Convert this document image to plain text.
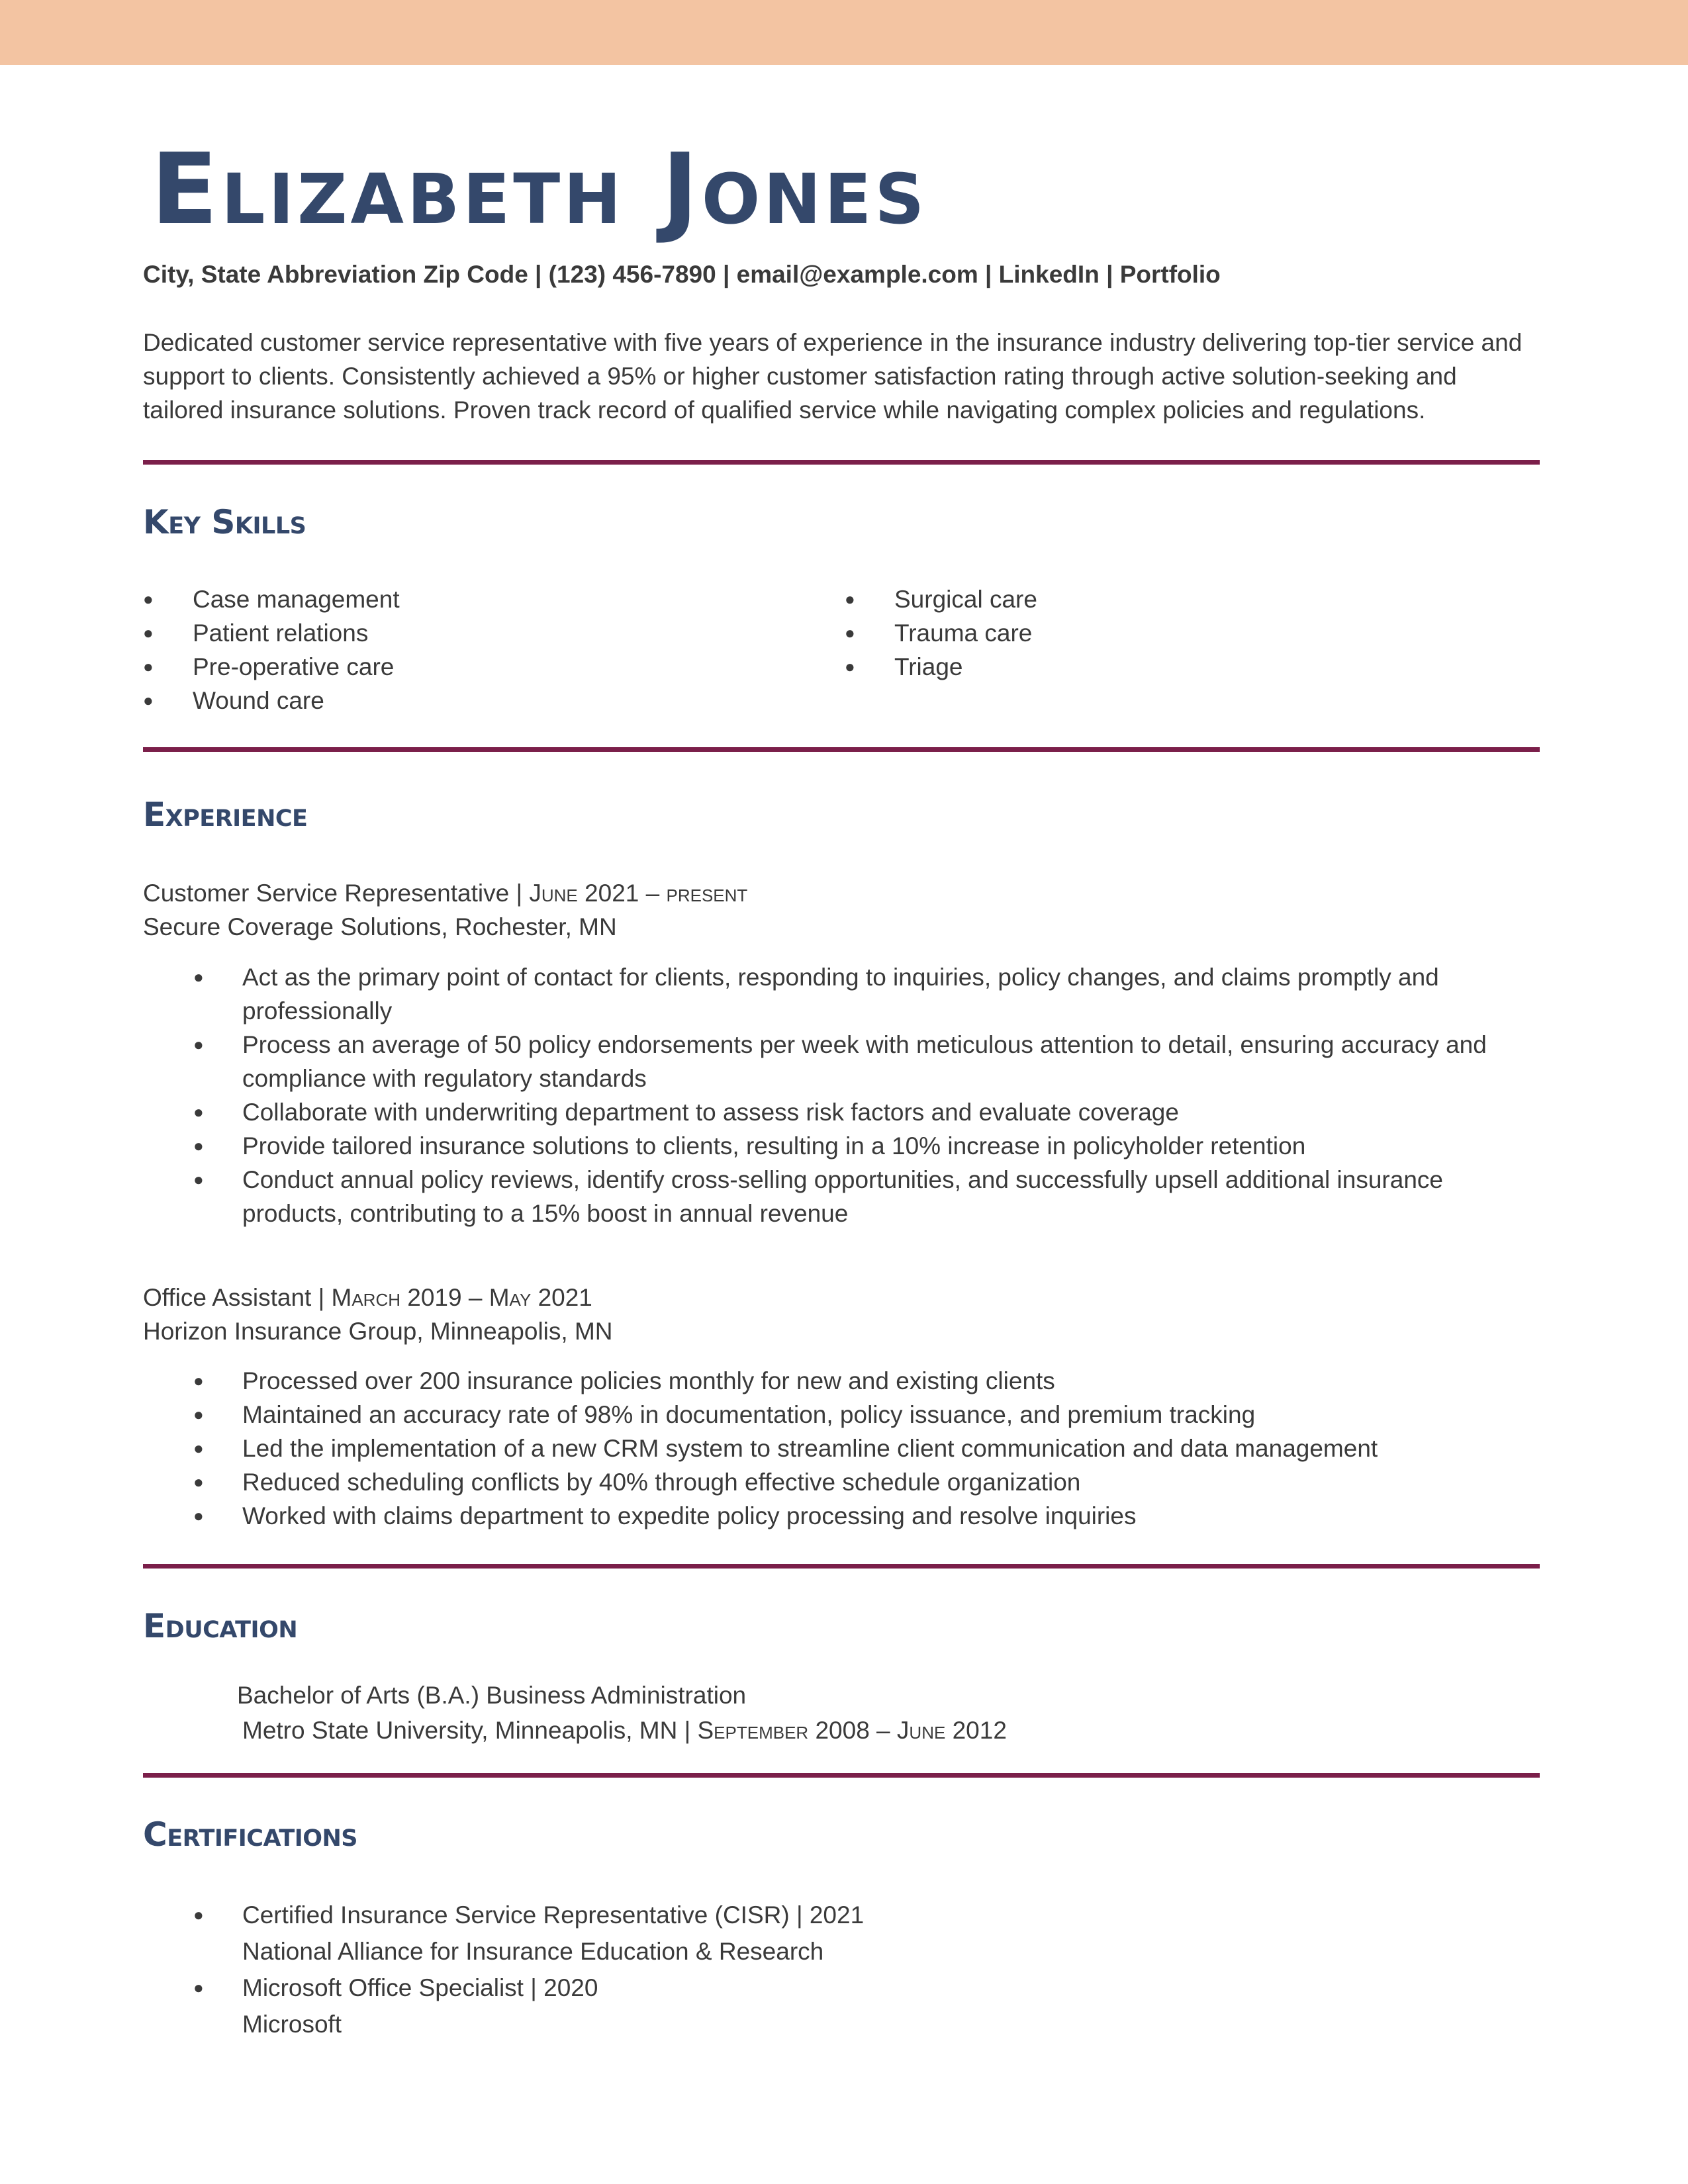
Elizabeth Jones

City, State Abbreviation Zip Code | (123) 456-7890 | email@example.com | LinkedIn | Portfolio

Dedicated customer service representative with five years of experience in the insurance industry delivering top-tier service and support to clients. Consistently achieved a 95% or higher customer satisfaction rating through active solution-seeking and tailored insurance solutions. Proven track record of qualified service while navigating complex policies and regulations.

Key Skills
● Case management
● Patient relations
● Pre-operative care
● Wound care
● Surgical care
● Trauma care
● Triage
Experience

Customer Service Representative | June 2021 – present

Secure Coverage Solutions, Rochester, MN

● Act as the primary point of contact for clients, responding to inquiries, policy changes, and claims promptly and professionally
● Process an average of 50 policy endorsements per week with meticulous attention to detail, ensuring accuracy and compliance with regulatory standards
● Collaborate with underwriting department to assess risk factors and evaluate coverage
● Provide tailored insurance solutions to clients, resulting in a 10% increase in policyholder retention
● Conduct annual policy reviews, identify cross-selling opportunities, and successfully upsell additional insurance products, contributing to a 15% boost in annual revenue

Office Assistant | March 2019 – May 2021

Horizon Insurance Group, Minneapolis, MN

● Processed over 200 insurance policies monthly for new and existing clients
● Maintained an accuracy rate of 98% in documentation, policy issuance, and premium tracking
● Led the implementation of a new CRM system to streamline client communication and data management
● Reduced scheduling conflicts by 40% through effective schedule organization
● Worked with claims department to expedite policy processing and resolve inquiries
Education

Bachelor of Arts (B.A.) Business Administration

Metro State University, Minneapolis, MN | September 2008 – June 2012

Certifications
● Certified Insurance Service Representative (CISR) | 2021
National Alliance for Insurance Education & Research
● Microsoft Office Specialist | 2020
Microsoft
